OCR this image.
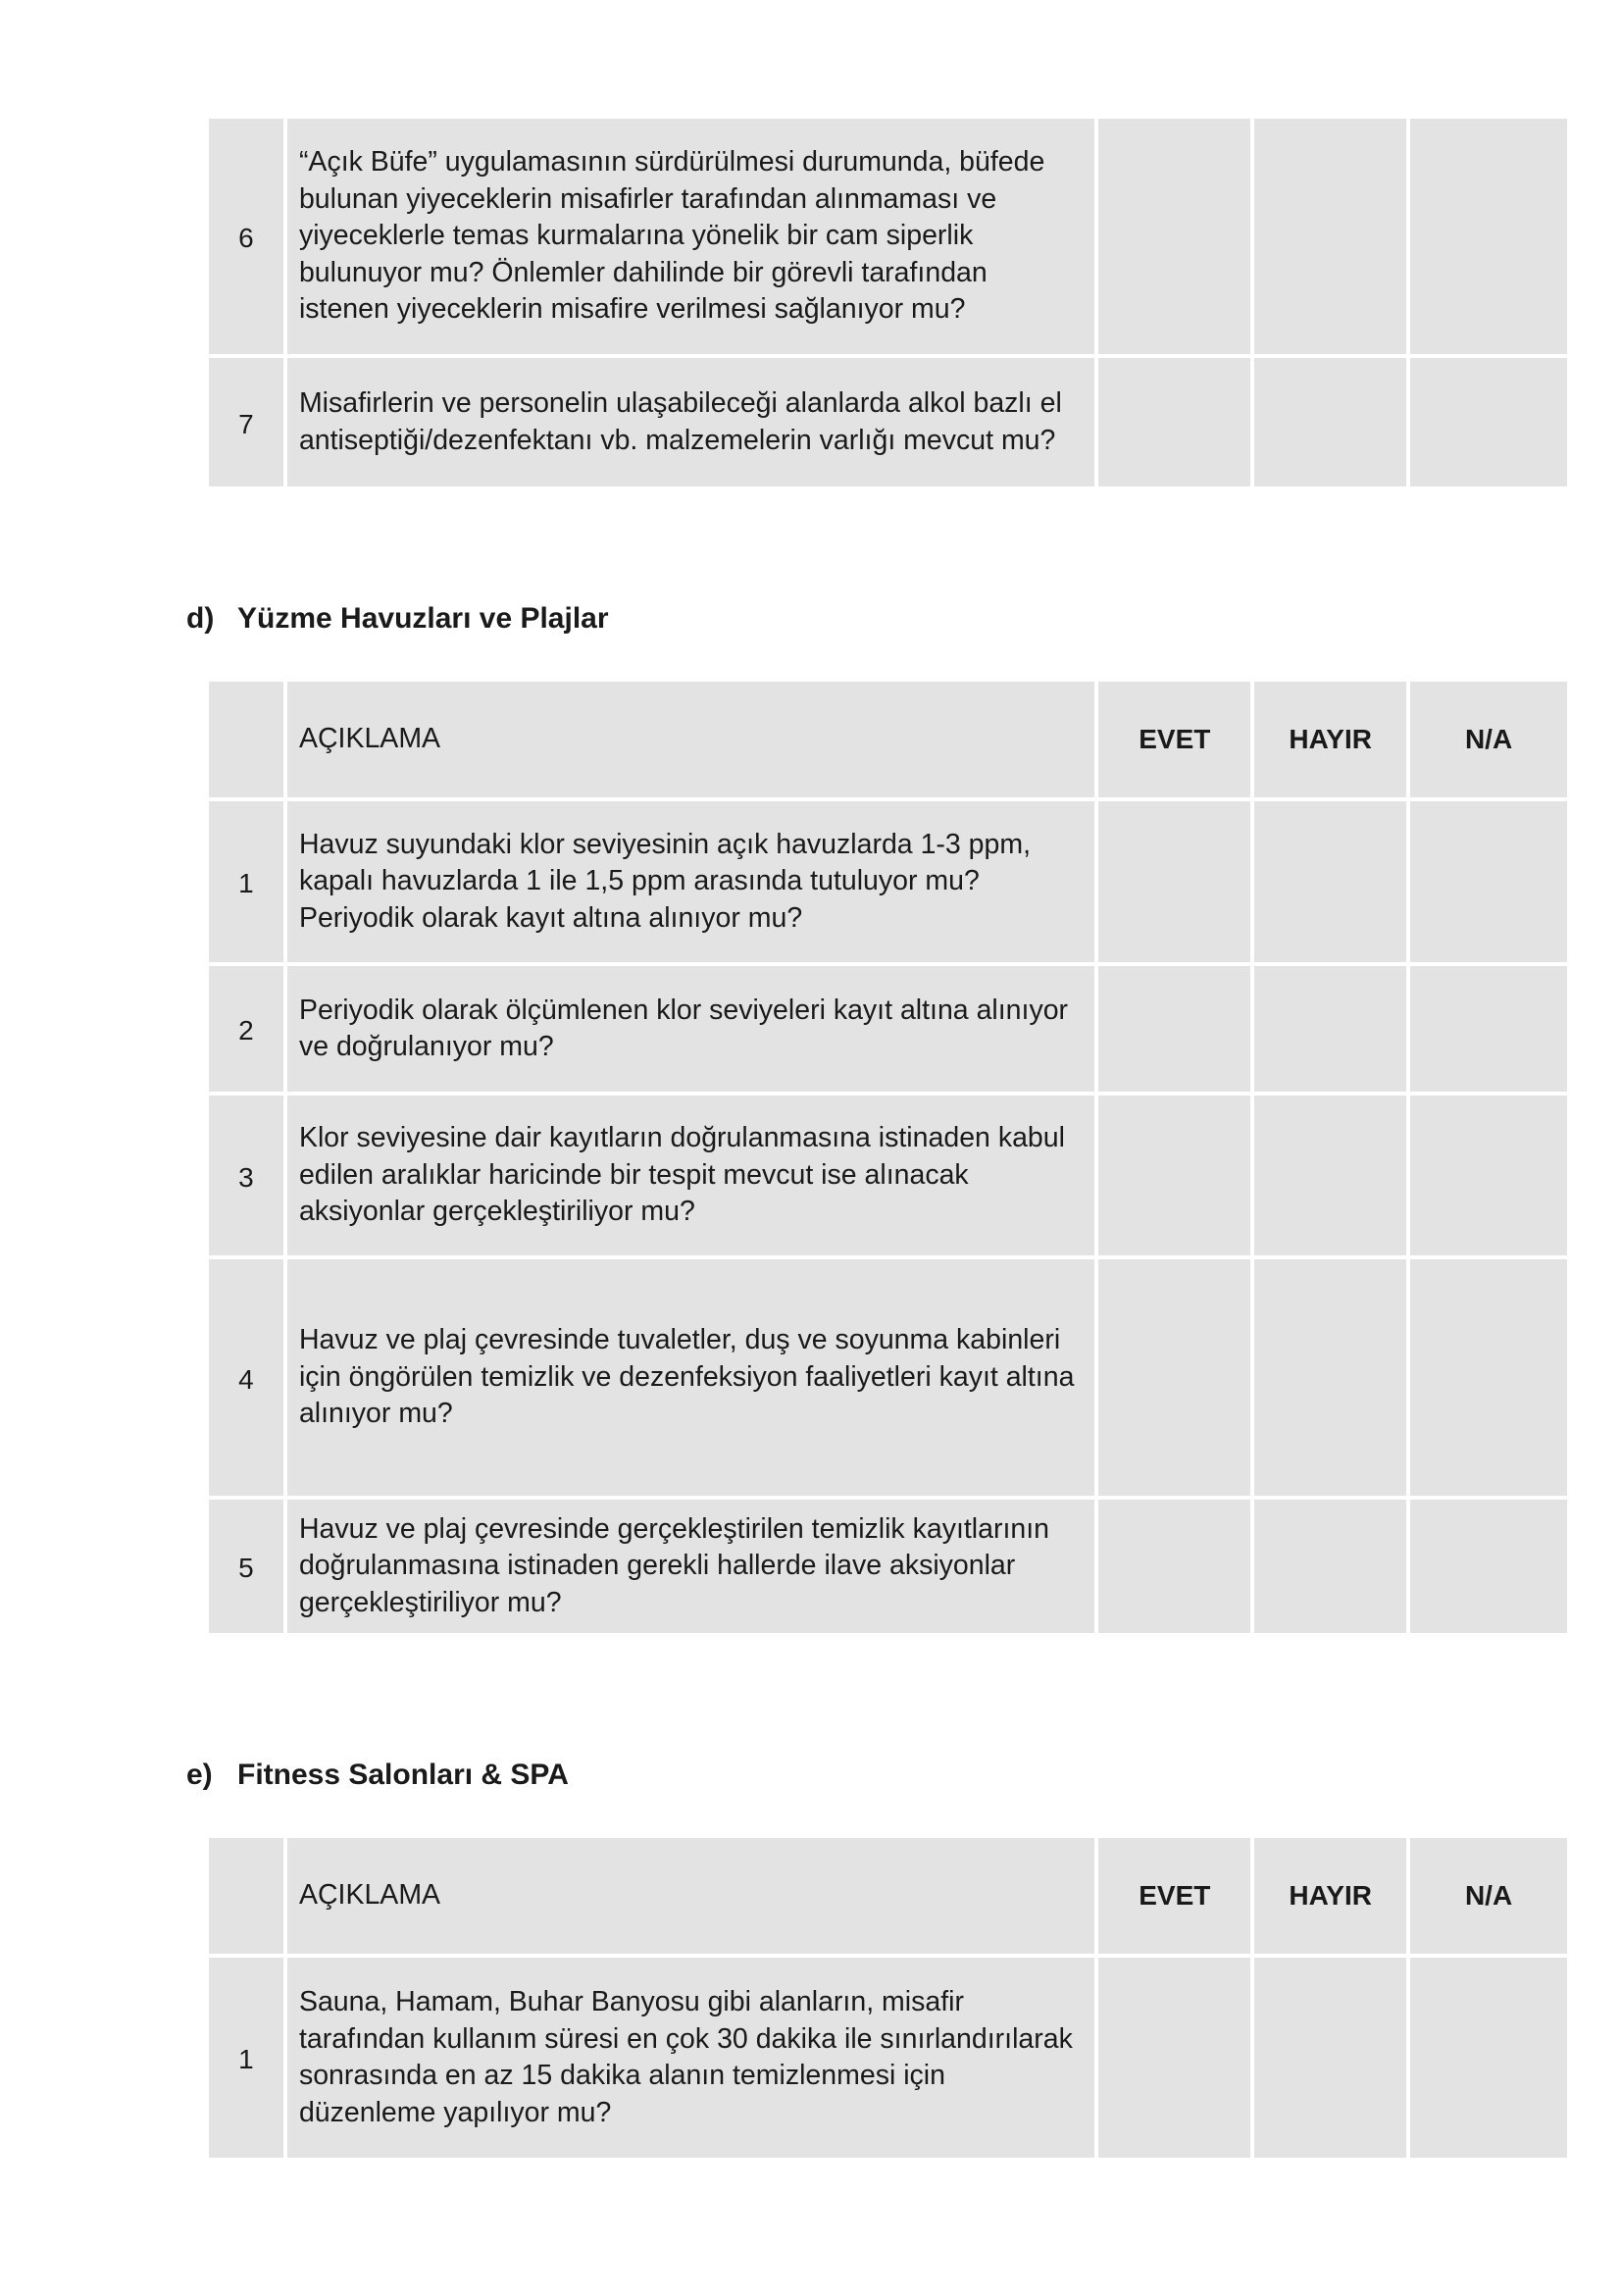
6
“Açık Büfe” uygulamasının sürdürülmesi durumunda, büfede bulunan yiyeceklerin misafirler tarafından alınmaması ve yiyeceklerle temas kurmalarına yönelik bir cam siperlik bulunuyor mu? Önlemler dahilinde bir görevli tarafından istenen yiyeceklerin misafire verilmesi sağlanıyor mu?
7
Misafirlerin ve personelin ulaşabileceği alanlarda alkol bazlı el antiseptiği/dezenfektanı vb. malzemelerin varlığı mevcut mu?
d) Yüzme Havuzları ve Plajlar
AÇIKLAMA	EVET	HAYIR	N/A
1
Havuz suyundaki klor seviyesinin açık havuzlarda 1-3 ppm, kapalı havuzlarda 1 ile 1,5 ppm arasında tutuluyor mu? Periyodik olarak kayıt altına alınıyor mu?
2
Periyodik olarak ölçümlenen klor seviyeleri kayıt altına alınıyor ve doğrulanıyor mu?
3
Klor seviyesine dair kayıtların doğrulanmasına istinaden kabul edilen aralıklar haricinde bir tespit mevcut ise alınacak aksiyonlar gerçekleştiriliyor mu?
4
Havuz ve plaj çevresinde tuvaletler, duş ve soyunma kabinleri için öngörülen temizlik ve dezenfeksiyon faaliyetleri kayıt altına alınıyor mu?
5
Havuz ve plaj çevresinde gerçekleştirilen temizlik kayıtlarının doğrulanmasına istinaden gerekli hallerde ilave aksiyonlar gerçekleştiriliyor mu?
e) Fitness Salonları & SPA
AÇIKLAMA	EVET	HAYIR	N/A
1
Sauna, Hamam, Buhar Banyosu gibi alanların, misafir tarafından kullanım süresi en çok 30 dakika ile sınırlandırılarak sonrasında en az 15 dakika alanın temizlenmesi için düzenleme yapılıyor mu?
